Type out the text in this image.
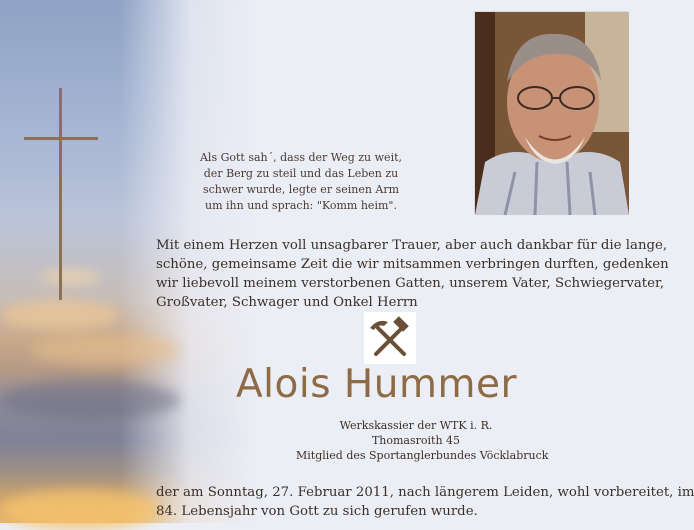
Als Gott sah´, dass der Weg zu weit,
der Berg zu steil und das Leben zu
schwer wurde, legte er seinen Arm
um ihn und sprach: "Komm heim".
Mit einem Herzen voll unsagbarer Trauer, aber auch dankbar für die lange,
schöne, gemeinsame Zeit die wir mitsammen verbringen durften, gedenken
wir liebevoll meinem verstorbenen Gatten, unserem Vater, Schwiegervater,
Großvater, Schwager und Onkel Herrn
Alois Hummer
Werkskassier der WTK i. R.
Thomasroith 45
Mitglied des Sportanglerbundes Vöcklabruck
der am Sonntag, 27. Februar 2011, nach längerem Leiden, wohl vorbereitet, im
84. Lebensjahr von Gott zu sich gerufen wurde.
